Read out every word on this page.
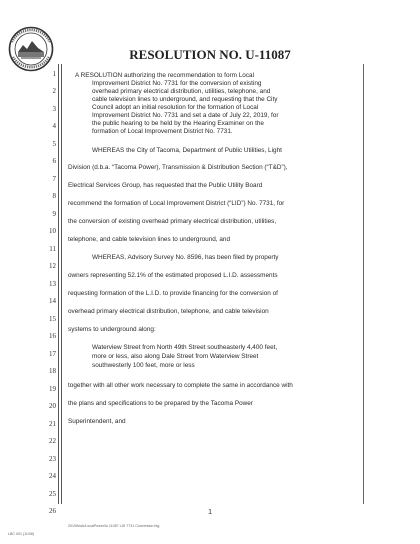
RESOLUTION NO. U-11087
1
2
3
4
5
6
7
8
9
10
11
12
13
14
15
16
17
18
19
20
21
22
23
24
25
26
A RESOLUTION authorizing the recommendation to form Local
Improvement District No. 7731 for the conversion of existing
overhead primary electrical distribution, utilities, telephone, and
cable television lines to underground, and requesting that the City
Council adopt an initial resolution for the formation of Local
Improvement District No. 7731 and set a date of July 22, 2019, for
the public hearing to be held by the Hearing Examiner on the
formation of Local Improvement District No. 7731.
WHEREAS the City of Tacoma, Department of Public Utilities, Light
Division (d.b.a. “Tacoma Power), Transmission & Distribution Section (“T&D”),
Electrical Services Group, has requested that the Public Utility Board
recommend the formation of Local Improvement District (“LID”) No. 7731, for
the conversion of existing overhead primary electrical distribution, utilities,
telephone, and cable television lines to underground, and
WHEREAS, Advisory Survey No. 8596, has been filed by property
owners representing 52.1% of the estimated proposed L.I.D. assessments
requesting formation of the L.I.D. to provide financing for the conversion of
overhead primary electrical distribution, telephone, and cable television
systems to underground along:
Waterview Street from North 49th Street southeasterly 4,400 feet,
more or less, also along Dale Street from Waterview Street
southwesterly 100 feet, more or less
together with all other work necessary to complete the same in accordance with
the plans and specifications to be prepared by the Tacoma Power
Superintendent, and
1
2019Work/LocalPower/lu 11087 LID 7731 Conversion.htg
LBC 001 (11/08)
